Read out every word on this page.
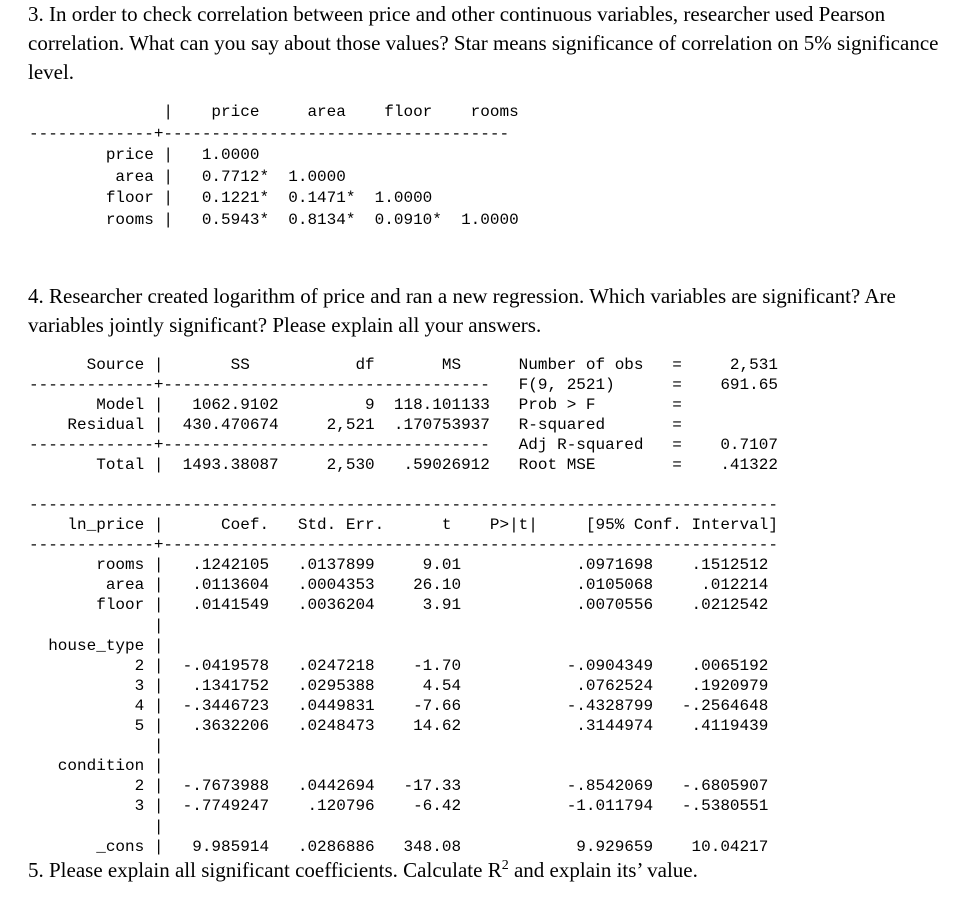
3. In order to check correlation between price and other continuous variables, researcher used Pearson correlation. What can you say about those values? Star means significance of correlation on 5% significance level.

|    price     area    floor    rooms
-------------+------------------------------------
price |   1.0000
area |   0.7712*  1.0000
floor |   0.1221*  0.1471*  1.0000
rooms |   0.5943*  0.8134*  0.0910*  1.0000

4. Researcher created logarithm of price and ran a new regression. Which variables are significant? Are variables jointly significant? Please explain all your answers.

Source |       SS           df       MS      Number of obs   =     2,531
-------------+----------------------------------   F(9, 2521)      =    691.65
Model |   1062.9102         9  118.101133   Prob > F        =
Residual |  430.470674     2,521  .170753937   R-squared       =
-------------+----------------------------------   Adj R-squared   =    0.7107
Total |  1493.38087     2,530   .59026912   Root MSE        =    .41322
------------------------------------------------------------------------------
ln_price |      Coef.   Std. Err.      t    P>|t|     [95% Conf. Interval]
-------------+----------------------------------------------------------------
rooms |   .1242105   .0137899     9.01            .0971698    .1512512
area |   .0113604   .0004353    26.10            .0105068     .012214
floor |   .0141549   .0036204     3.91            .0070556    .0212542
|
house_type |
2 |  -.0419578   .0247218    -1.70           -.0904349    .0065192
3 |   .1341752   .0295388     4.54            .0762524    .1920979
4 |  -.3446723   .0449831    -7.66           -.4328799   -.2564648
5 |   .3632206   .0248473    14.62            .3144974    .4119439
|
condition |
2 |  -.7673988   .0442694   -17.33           -.8542069   -.6805907
3 |  -.7749247    .120796    -6.42           -1.011794   -.5380551
|
_cons |   9.985914   .0286886   348.08            9.929659    10.04217

5. Please explain all significant coefficients. Calculate $R^2$ and explain its’ value.
